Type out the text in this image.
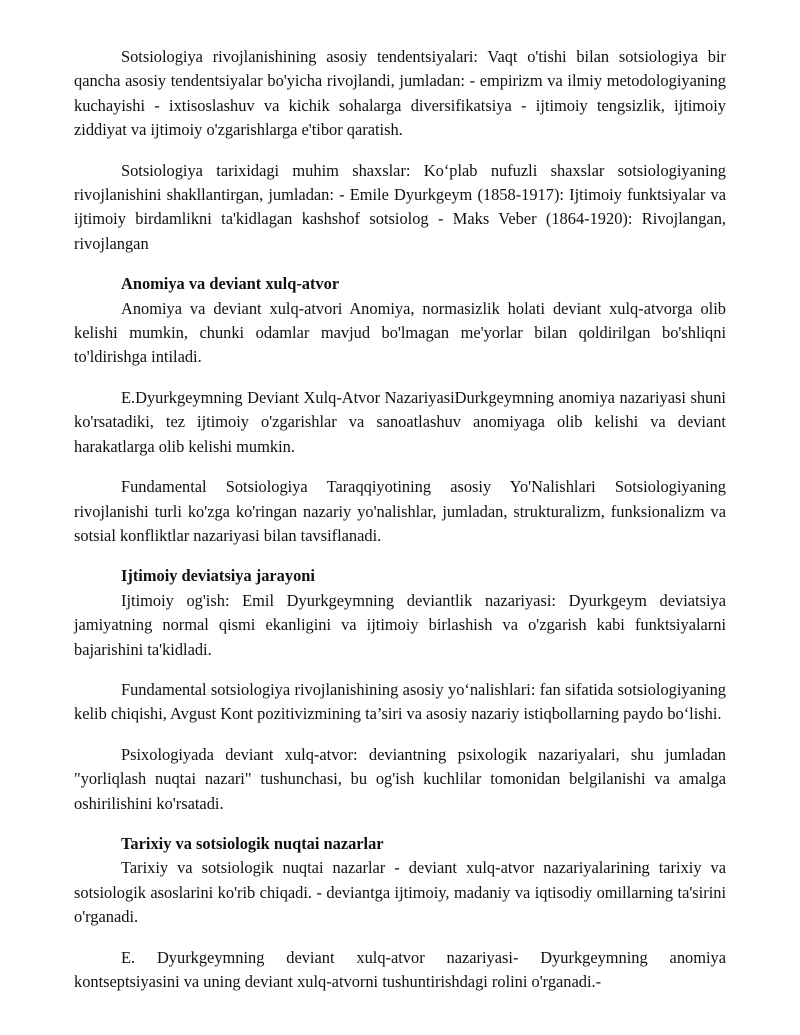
Sotsiologiya rivojlanishining asosiy tendentsiyalari: Vaqt o'tishi bilan sotsiologiya bir qancha asosiy tendentsiyalar bo'yicha rivojlandi, jumladan: - empirizm va ilmiy metodologiyaning kuchayishi - ixtisoslashuv va kichik sohalarga diversifikatsiya - ijtimoiy tengsizlik, ijtimoiy ziddiyat va ijtimoiy o'zgarishlarga e'tibor qaratish.

Sotsiologiya tarixidagi muhim shaxslar: Ko‘plab nufuzli shaxslar sotsiologiyaning rivojlanishini shakllantirgan, jumladan: - Emile Dyurkgeym (1858-1917): Ijtimoiy funktsiyalar va ijtimoiy birdamlikni ta'kidlagan kashshof sotsiolog - Maks Veber (1864-1920): Rivojlangan, rivojlangan

Anomiya va deviant xulq-atvor

Anomiya va deviant xulq-atvori Anomiya, normasizlik holati deviant xulq-atvorga olib kelishi mumkin, chunki odamlar mavjud bo'lmagan me'yorlar bilan qoldirilgan bo'shliqni to'ldirishga intiladi.

E.Dyurkgeymning Deviant Xulq-Atvor NazariyasiDurkgeymning anomiya nazariyasi shuni ko'rsatadiki, tez ijtimoiy o'zgarishlar va sanoatlashuv anomiyaga olib kelishi va deviant harakatlarga olib kelishi mumkin.

Fundamental Sotsiologiya Taraqqiyotining asosiy Yo'Nalishlari Sotsiologiyaning rivojlanishi turli ko'zga ko'ringan nazariy yo'nalishlar, jumladan, strukturalizm, funksionalizm va sotsial konfliktlar nazariyasi bilan tavsiflanadi.

Ijtimoiy deviatsiya jarayoni

Ijtimoiy og'ish: Emil Dyurkgeymning deviantlik nazariyasi: Dyurkgeym deviatsiya jamiyatning normal qismi ekanligini va ijtimoiy birlashish va o'zgarish kabi funktsiyalarni bajarishini ta'kidladi.

Fundamental sotsiologiya rivojlanishining asosiy yo‘nalishlari: fan sifatida sotsiologiyaning kelib chiqishi, Avgust Kont pozitivizmining ta’siri va asosiy nazariy istiqbollarning paydo bo‘lishi.

Psixologiyada deviant xulq-atvor: deviantning psixologik nazariyalari, shu jumladan "yorliqlash nuqtai nazari" tushunchasi, bu og'ish kuchlilar tomonidan belgilanishi va amalga oshirilishini ko'rsatadi.

Tarixiy va sotsiologik nuqtai nazarlar

Tarixiy va sotsiologik nuqtai nazarlar - deviant xulq-atvor nazariyalarining tarixiy va sotsiologik asoslarini ko'rib chiqadi. - deviantga ijtimoiy, madaniy va iqtisodiy omillarning ta'sirini o'rganadi.

E. Dyurkgeymning deviant xulq-atvor nazariyasi- Dyurkgeymning anomiya kontseptsiyasini va uning deviant xulq-atvorni tushuntirishdagi rolini o'rganadi.-
